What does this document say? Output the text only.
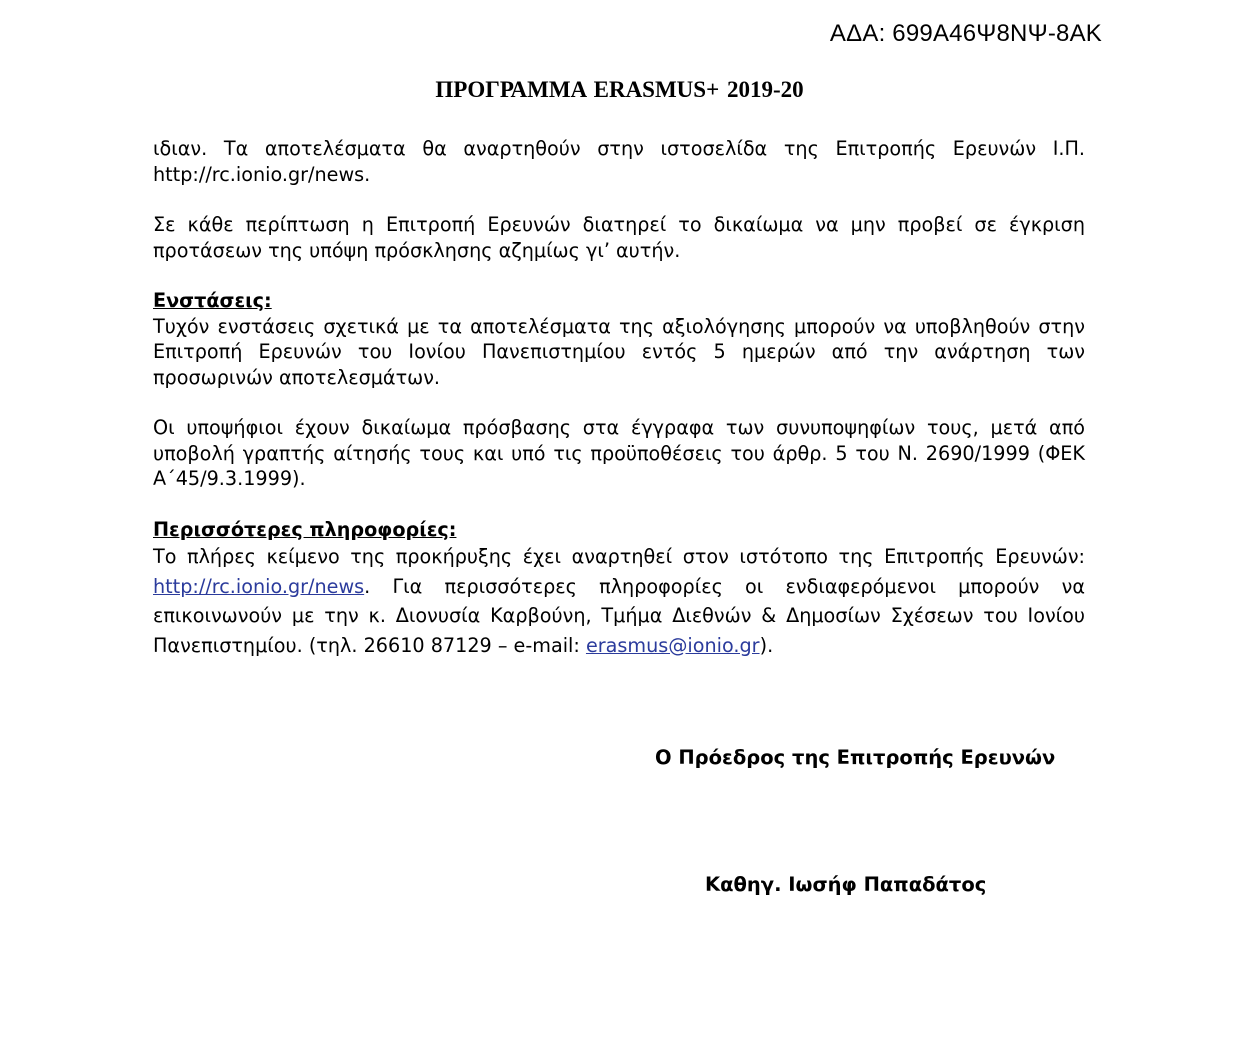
ΑΔΑ: 699Α46Ψ8ΝΨ-8ΑΚ
ΠΡΟΓΡΑΜΜΑ ERASMUS+ 2019-20

ιδιαν. Τα αποτελέσματα θα αναρτηθούν στην ιστοσελίδα της Επιτροπής Ερευνών Ι.Π. http://rc.ionio.gr/news.

Σε κάθε περίπτωση η Επιτροπή Ερευνών διατηρεί το δικαίωμα να μην προβεί σε έγκριση προτάσεων της υπόψη πρόσκλησης αζημίως γι’ αυτήν.

Ενστάσεις:

Τυχόν ενστάσεις σχετικά με τα αποτελέσματα της αξιολόγησης μπορούν να υποβληθούν στην Επιτροπή Ερευνών του Ιονίου Πανεπιστημίου εντός 5 ημερών από την ανάρτηση των προσωρινών αποτελεσμάτων.

Οι υποψήφιοι έχουν δικαίωμα πρόσβασης στα έγγραφα των συνυποψηφίων τους, μετά από υποβολή γραπτής αίτησής τους και υπό τις προϋποθέσεις του άρθρ. 5 του Ν. 2690/1999 (ΦΕΚ Α΄45/9.3.1999).

Περισσότερες πληροφορίες:

Το πλήρες κείμενο της προκήρυξης έχει αναρτηθεί στον ιστότοπο της Επιτροπής Ερευνών: http://rc.ionio.gr/news. Για περισσότερες πληροφορίες οι ενδιαφερόμενοι μπορούν να επικοινωνούν με την κ. Διονυσία Καρβούνη, Τμήμα Διεθνών & Δημοσίων Σχέσεων του Ιονίου Πανεπιστημίου. (τηλ. 26610 87129 – e-mail: erasmus@ionio.gr).

Ο Πρόεδρος της Επιτροπής Ερευνών
Καθηγ. Ιωσήφ Παπαδάτος
